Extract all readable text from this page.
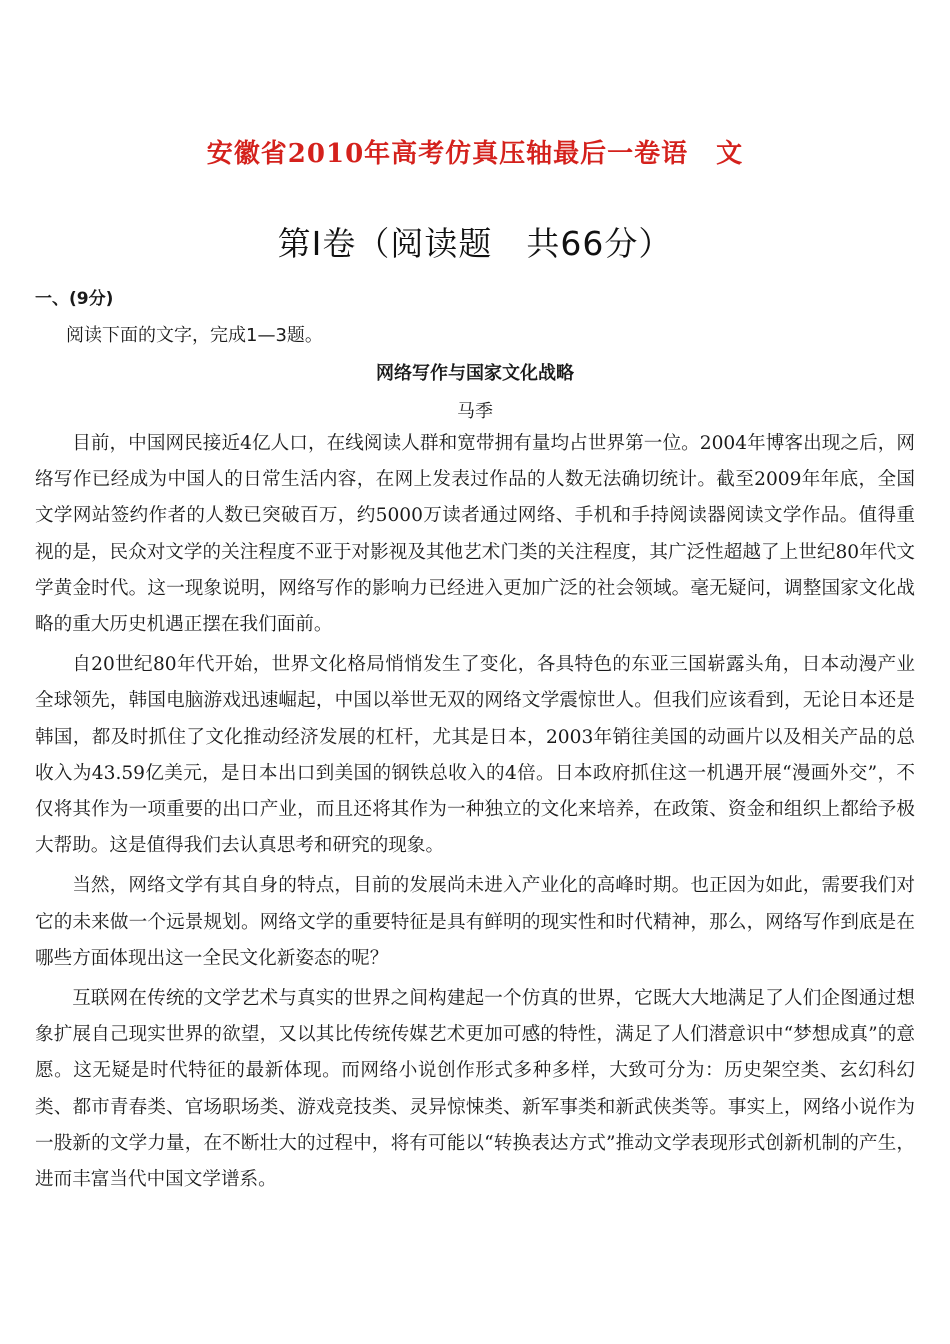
安徽省2010年高考仿真压轴最后一卷语 文
第Ⅰ卷（阅读题 共66分）
一、(9分)
阅读下面的文字，完成1—3题。
网络写作与国家文化战略
马季

目前，中国网民接近4亿人口，在线阅读人群和宽带拥有量均占世界第一位。2004年博客出现之后，网络写作已经成为中国人的日常生活内容，在网上发表过作品的人数无法确切统计。截至2009年年底，全国文学网站签约作者的人数已突破百万，约5000万读者通过网络、手机和手持阅读器阅读文学作品。值得重视的是，民众对文学的关注程度不亚于对影视及其他艺术门类的关注程度，其广泛性超越了上世纪80年代文学黄金时代。这一现象说明，网络写作的影响力已经进入更加广泛的社会领域。毫无疑问，调整国家文化战略的重大历史机遇正摆在我们面前。

自20世纪80年代开始，世界文化格局悄悄发生了变化，各具特色的东亚三国崭露头角，日本动漫产业全球领先，韩国电脑游戏迅速崛起，中国以举世无双的网络文学震惊世人。但我们应该看到，无论日本还是韩国，都及时抓住了文化推动经济发展的杠杆，尤其是日本，2003年销往美国的动画片以及相关产品的总收入为43.59亿美元，是日本出口到美国的钢铁总收入的4倍。日本政府抓住这一机遇开展“漫画外交”，不仅将其作为一项重要的出口产业，而且还将其作为一种独立的文化来培养，在政策、资金和组织上都给予极大帮助。这是值得我们去认真思考和研究的现象。

当然，网络文学有其自身的特点，目前的发展尚未进入产业化的高峰时期。也正因为如此，需要我们对它的未来做一个远景规划。网络文学的重要特征是具有鲜明的现实性和时代精神，那么，网络写作到底是在哪些方面体现出这一全民文化新姿态的呢？

互联网在传统的文学艺术与真实的世界之间构建起一个仿真的世界，它既大大地满足了人们企图通过想象扩展自己现实世界的欲望，又以其比传统传媒艺术更加可感的特性，满足了人们潜意识中“梦想成真”的意愿。这无疑是时代特征的最新体现。而网络小说创作形式多种多样，大致可分为：历史架空类、玄幻科幻类、都市青春类、官场职场类、游戏竞技类、灵异惊悚类、新军事类和新武侠类等。事实上，网络小说作为一股新的文学力量，在不断壮大的过程中，将有可能以“转换表达方式”推动文学表现形式创新机制的产生，进而丰富当代中国文学谱系。
